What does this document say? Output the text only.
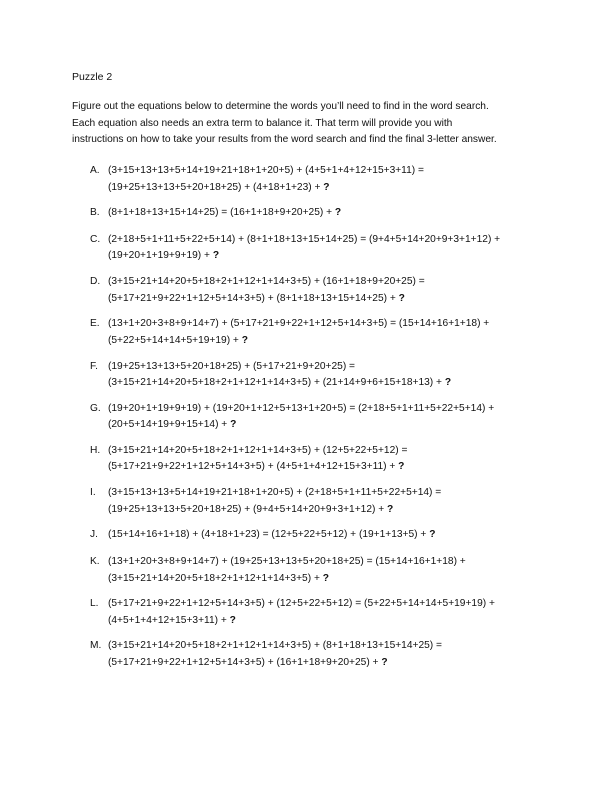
Puzzle 2
Figure out the equations below to determine the words you’ll need to find in the word search.
Each equation also needs an extra term to balance it. That term will provide you with
instructions on how to take your results from the word search and find the final 3-letter answer.
A. (3+15+13+13+5+14+19+21+18+1+20+5) + (4+5+1+4+12+15+3+11) =
(19+25+13+13+5+20+18+25) + (4+18+1+23) + ?
B. (8+1+18+13+15+14+25) = (16+1+18+9+20+25) + ?
C. (2+18+5+1+11+5+22+5+14) + (8+1+18+13+15+14+25) = (9+4+5+14+20+9+3+1+12) +
(19+20+1+19+9+19) + ?
D. (3+15+21+14+20+5+18+2+1+12+1+14+3+5) + (16+1+18+9+20+25) =
(5+17+21+9+22+1+12+5+14+3+5) + (8+1+18+13+15+14+25) + ?
E. (13+1+20+3+8+9+14+7) + (5+17+21+9+22+1+12+5+14+3+5) = (15+14+16+1+18) +
(5+22+5+14+14+5+19+19) + ?
F. (19+25+13+13+5+20+18+25) + (5+17+21+9+20+25) =
(3+15+21+14+20+5+18+2+1+12+1+14+3+5) + (21+14+9+6+15+18+13) + ?
G. (19+20+1+19+9+19) + (19+20+1+12+5+13+1+20+5) = (2+18+5+1+11+5+22+5+14) +
(20+5+14+19+9+15+14) + ?
H. (3+15+21+14+20+5+18+2+1+12+1+14+3+5) + (12+5+22+5+12) =
(5+17+21+9+22+1+12+5+14+3+5) + (4+5+1+4+12+15+3+11) + ?
I.	(3+15+13+13+5+14+19+21+18+1+20+5) + (2+18+5+1+11+5+22+5+14) =
(19+25+13+13+5+20+18+25) + (9+4+5+14+20+9+3+1+12) + ?
J. (15+14+16+1+18) + (4+18+1+23) = (12+5+22+5+12) + (19+1+13+5) + ?
K. (13+1+20+3+8+9+14+7) + (19+25+13+13+5+20+18+25) = (15+14+16+1+18) +
(3+15+21+14+20+5+18+2+1+12+1+14+3+5) + ?
L. (5+17+21+9+22+1+12+5+14+3+5) + (12+5+22+5+12) = (5+22+5+14+14+5+19+19) +
(4+5+1+4+12+15+3+11) + ?
M. (3+15+21+14+20+5+18+2+1+12+1+14+3+5) + (8+1+18+13+15+14+25) =
(5+17+21+9+22+1+12+5+14+3+5) + (16+1+18+9+20+25) + ?
